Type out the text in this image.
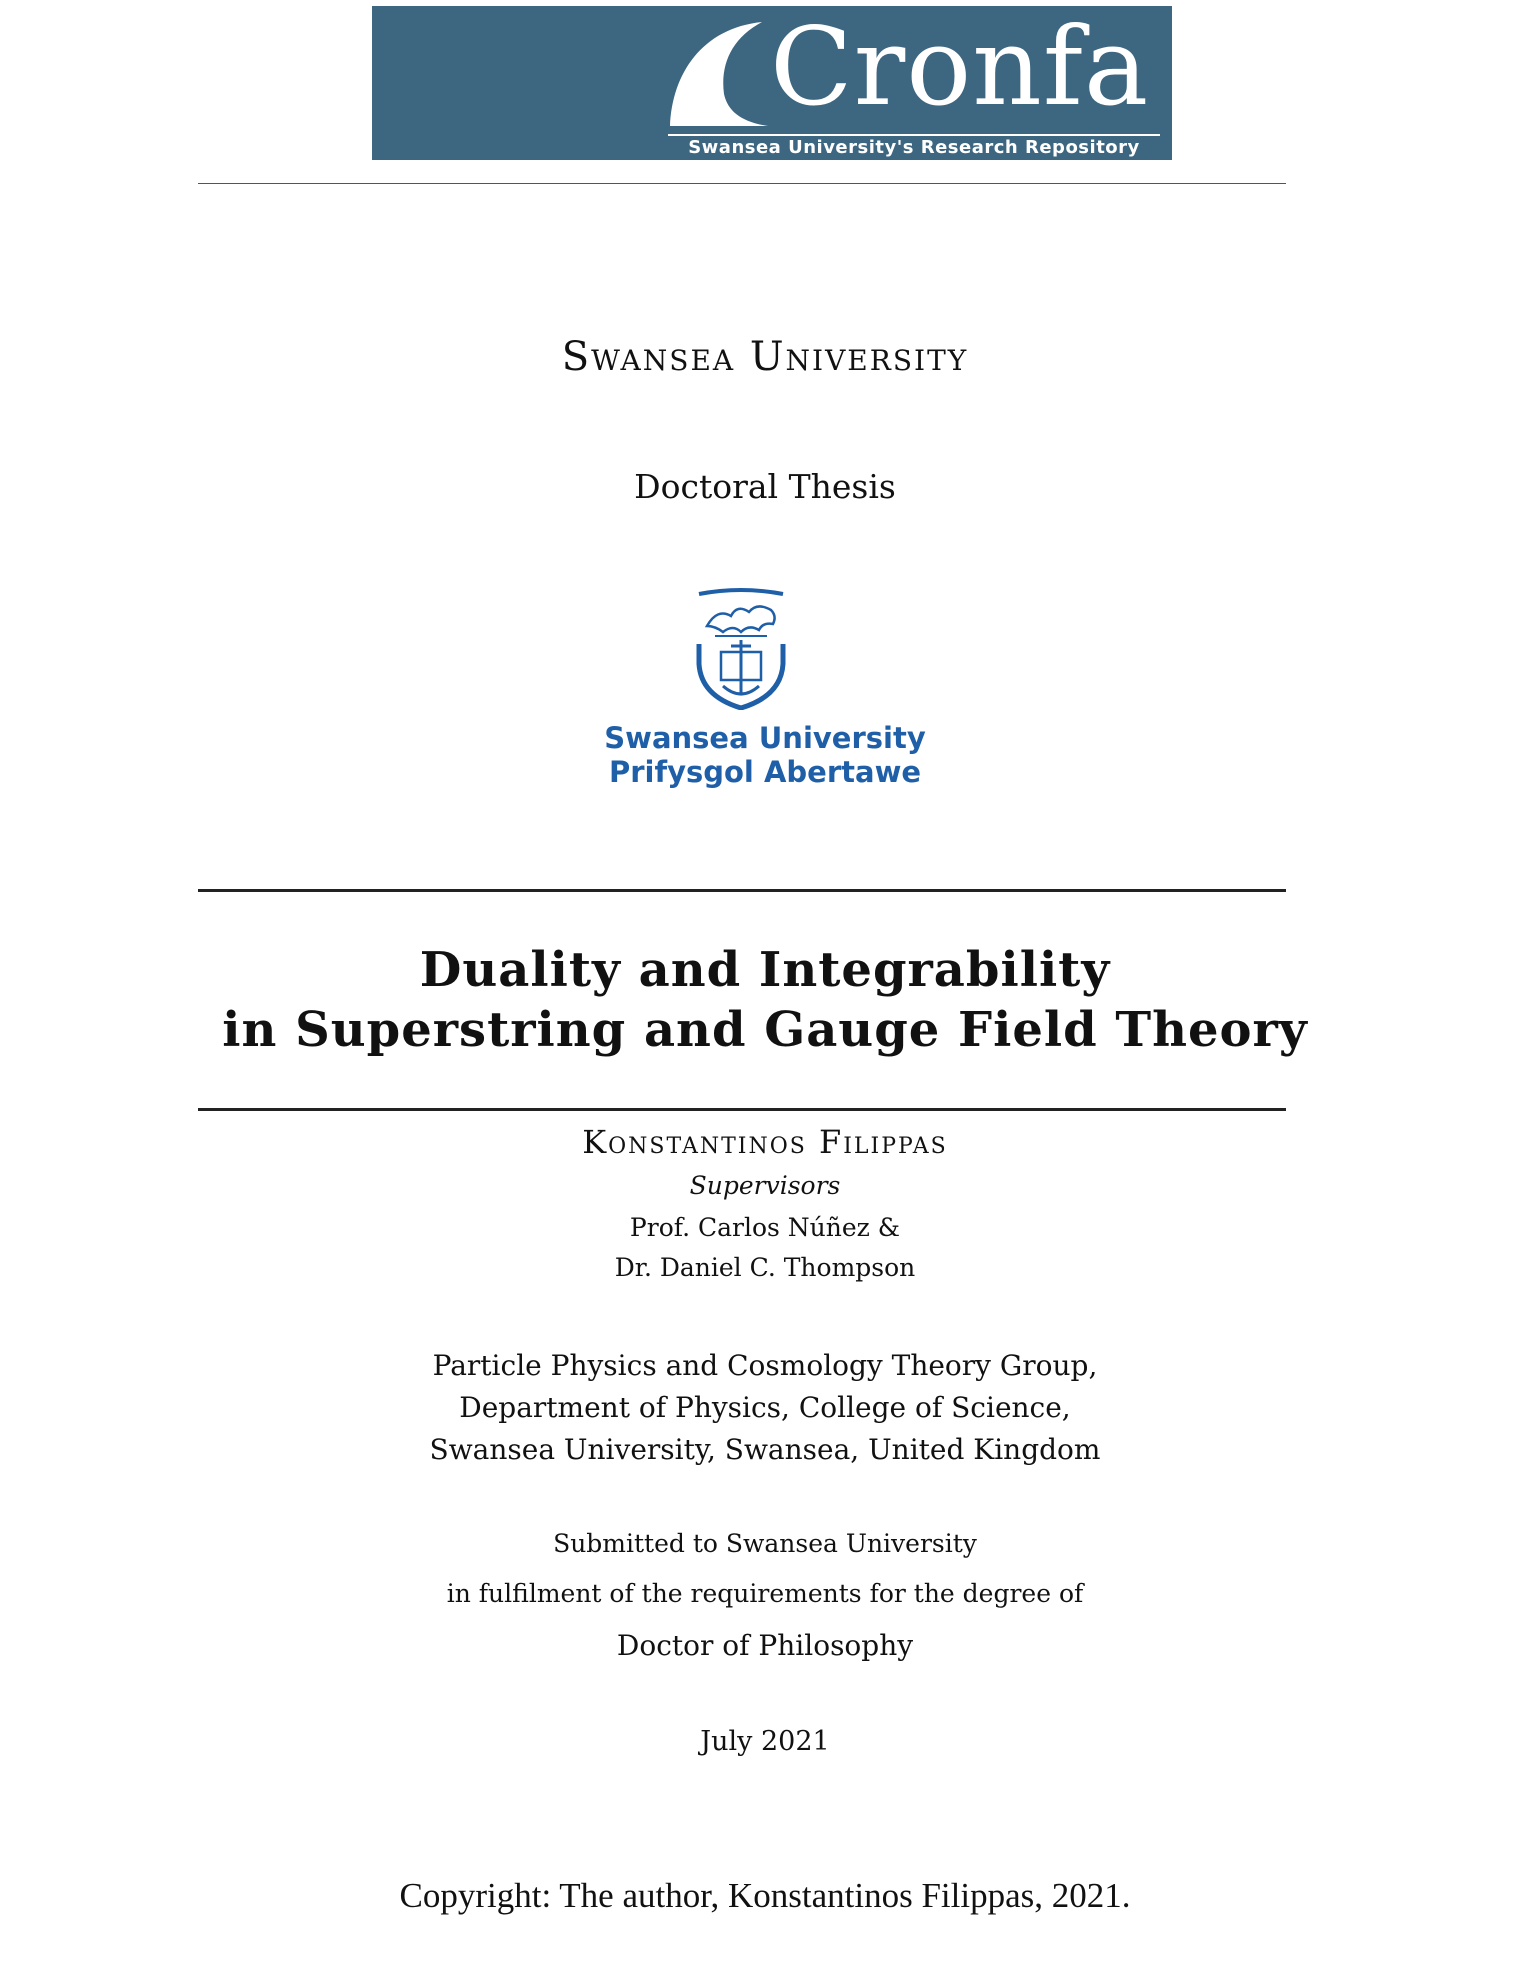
Cronfa
Swansea University's Research Repository
Swansea University
Doctoral Thesis
Swansea University
Prifysgol Abertawe
Duality and Integrability
in Superstring and Gauge Field Theory
Konstantinos Filippas
Supervisors
Prof. Carlos Núñez &
Dr. Daniel C. Thompson
Particle Physics and Cosmology Theory Group,
Department of Physics, College of Science,
Swansea University, Swansea, United Kingdom
Submitted to Swansea University
in fulfilment of the requirements for the degree of
Doctor of Philosophy
July 2021
Copyright: The author, Konstantinos Filippas, 2021.
